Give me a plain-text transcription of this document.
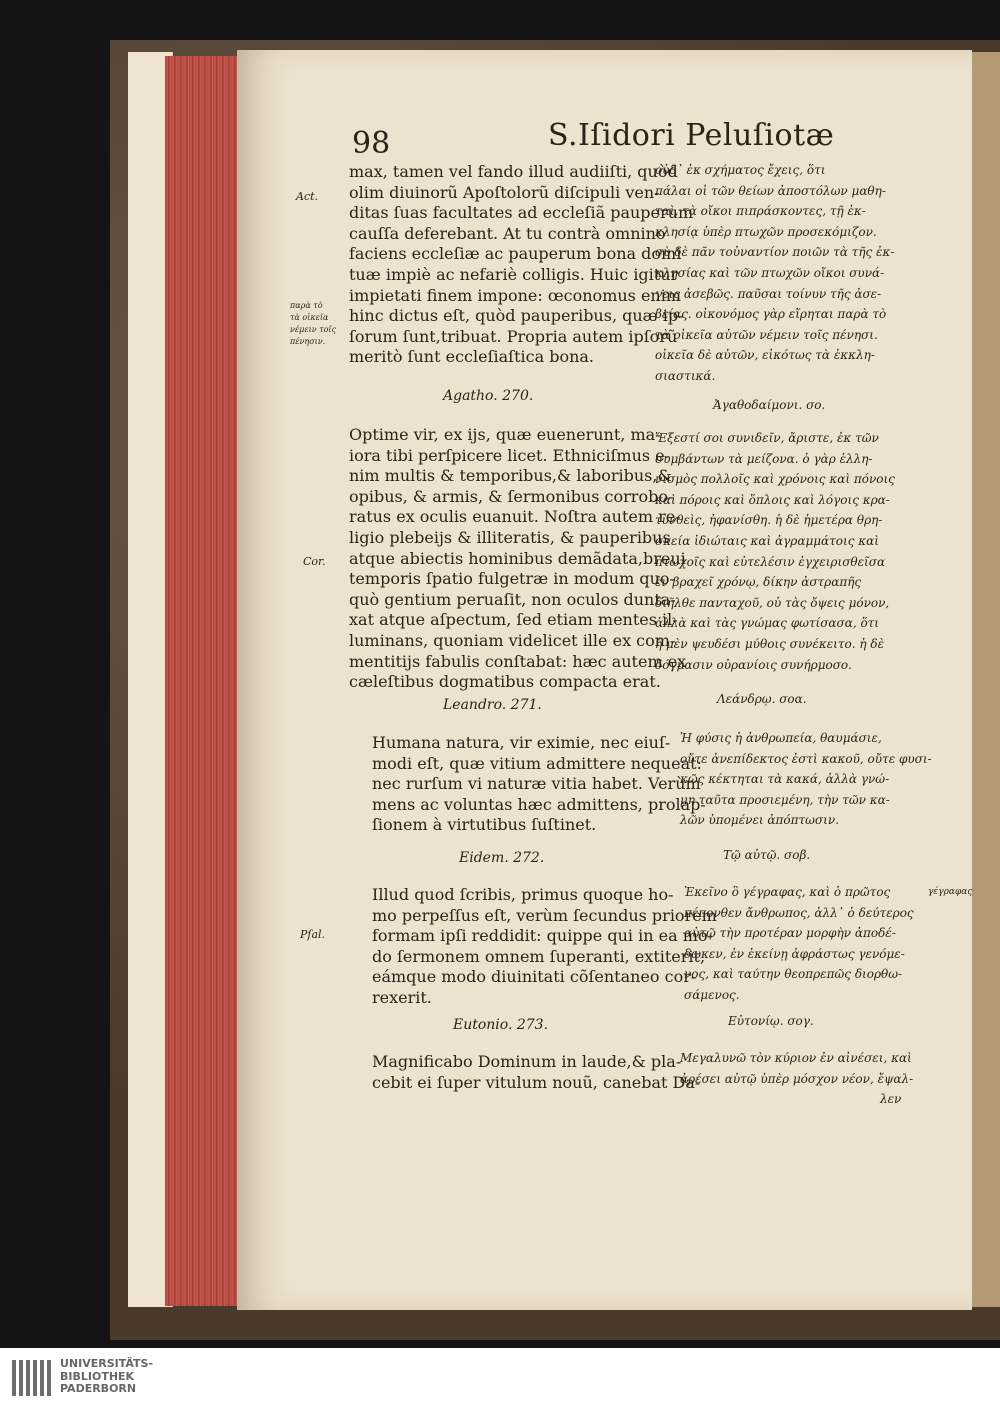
98	S.Iſidori Peluſiotæ
Act.
παρὰ τὸ
τὰ οἰκεῖα
νέμειν τοῖς
πένησιν.
Cor.
Pſal.
γέγραφας

max, tamen vel fando illud audiiſti, quòd

olim diuinorũ Apoſtolorũ diſcipuli ven-

ditas ſuas facultates ad eccleſiã pauperum

cauſſa deferebant. At tu contrà omnino

faciens eccleſiæ ac pauperum bona domi

tuæ impiè ac nefariè colligis. Huic igitur

impietati finem impone: œconomus enim

hinc dictus eſt, quòd pauperibus, quæ ip-

ſorum ſunt,tribuat. Propria autem ipſorũ

meritò ſunt eccleſiaſtica bona.

οὐδ᾽ ἐκ σχήματος ἔχεις, ὅτι

πάλαι οἱ τῶν θείων ἀποστόλων μαθη-

ταὶ, τὰ οἴκοι πιπράσκοντες, τῇ ἐκ-

κλησίᾳ ὑπὲρ πτωχῶν προσεκόμιζον.

σὺ δὲ πᾶν τοὐναντίον ποιῶν τὰ τῆς ἐκ-

κλησίας καὶ τῶν πτωχῶν οἴκοι συνά-

γεις ἀσεβῶς. παῦσαι τοίνυν τῆς ἀσε-

βείας. οἰκονόμος γὰρ εἴρηται παρὰ τὸ

τὰ οἰκεῖα αὐτῶν νέμειν τοῖς πένησι.

οἰκεῖα δὲ αὐτῶν, εἰκότως τὰ ἐκκλη-

σιαστικά.

Agatho. 270.
Ἀγαθοδαίμονι. σο.

Optime vir, ex ijs, quæ euenerunt, ma-

iora tibi perſpicere licet. Ethniciſmus e-

nim multis & temporibus,& laboribus,&

opibus, & armis, & ſermonibus corrobo-

ratus ex oculis euanuit. Noſtra autem re-

ligio plebeijs & illiteratis, & pauperibus

atque abiectis hominibus demãdata,breui

temporis ſpatio fulgetræ in modum quo-

quò gentium peruaſit, non oculos dunta-

xat atque aſpectum, ſed etiam mentes il-

luminans, quoniam videlicet ille ex com-

mentitijs fabulis conſtabat: hæc autem ex

cæleſtibus dogmatibus compacta erat.

Ἔξεστί σοι συνιδεῖν, ἄριστε, ἐκ τῶν

συμβάντων τὰ μείζονα. ὁ γὰρ ἑλλη-

νισμὸς πολλοῖς καὶ χρόνοις καὶ πόνοις

καὶ πόροις καὶ ὅπλοις καὶ λόγοις κρα-

τυνθεὶς, ἠφανίσθη. ἡ δὲ ἡμετέρα θρη-

σκεία ἰδιώταις καὶ ἀγραμμάτοις καὶ

πτωχοῖς καὶ εὐτελέσιν ἐγχειρισθεῖσα

ἐν βραχεῖ χρόνῳ, δίκην ἀστραπῆς

διῆλθε πανταχοῦ, οὐ τὰς ὄψεις μόνον,

ἀλλὰ καὶ τὰς γνώμας φωτίσασα, ὅτι

ἡ μὲν ψευδέσι μύθοις συνέκειτο. ἡ δὲ

δόγμασιν οὐρανίοις συνήρμοσο.

Leandro. 271.	Λεάνδρῳ. σοα.

Humana natura, vir eximie, nec eiuſ-

modi eſt, quæ vitium admittere nequeat:

nec rurſum vi naturæ vitia habet. Verùm

mens ac voluntas hæc admittens, prolap-

ſionem à virtutibus ſuſtinet.

Ἡ φύσις ἡ ἀνθρωπεία, θαυμάσιε,

οὔτε ἀνεπίδεκτος ἐστὶ κακοῦ, οὔτε φυσι-

κῶς κέκτηται τὰ κακά, ἀλλὰ γνώ-

μη ταῦτα προσιεμένη, τὴν τῶν κα-

λῶν ὑπομένει ἀπόπτωσιν.

Eidem. 272.	Τῷ αὐτῷ. σοβ.

Illud quod ſcribis, primus quoque ho-

mo perpeſſus eſt, verùm ſecundus priorem

formam ipſi reddidit: quippe qui in ea mo-

do ſermonem omnem ſuperanti, extiterit,

eámque modo diuinitati cõſentaneo cor-

rexerit.

Ἐκεῖνο ὃ γέγραφας, καὶ ὁ πρῶτος

πέπονθεν ἄνθρωπος, ἀλλ᾽ ὁ δεύτερος

αὐτῷ τὴν προτέραν μορφὴν ἀποδέ-

δωκεν, ἐν ἐκείνῃ ἀφράστως γενόμε-

νος, καὶ ταύτην θεοπρεπῶς διορθω-

σάμενος.

Eutonio. 273.	Εὐτονίῳ. σογ.

Magnificabo Dominum in laude,& pla-

cebit ei ſuper vitulum nouũ, canebat Da-

Μεγαλυνῶ τὸν κύριον ἐν αἰνέσει, καὶ

ἀρέσει αὐτῷ ὑπὲρ μόσχον νέον, ἔψαλ-

λεν

UNIVERSITÄTS-
BIBLIOTHEK
PADERBORN
